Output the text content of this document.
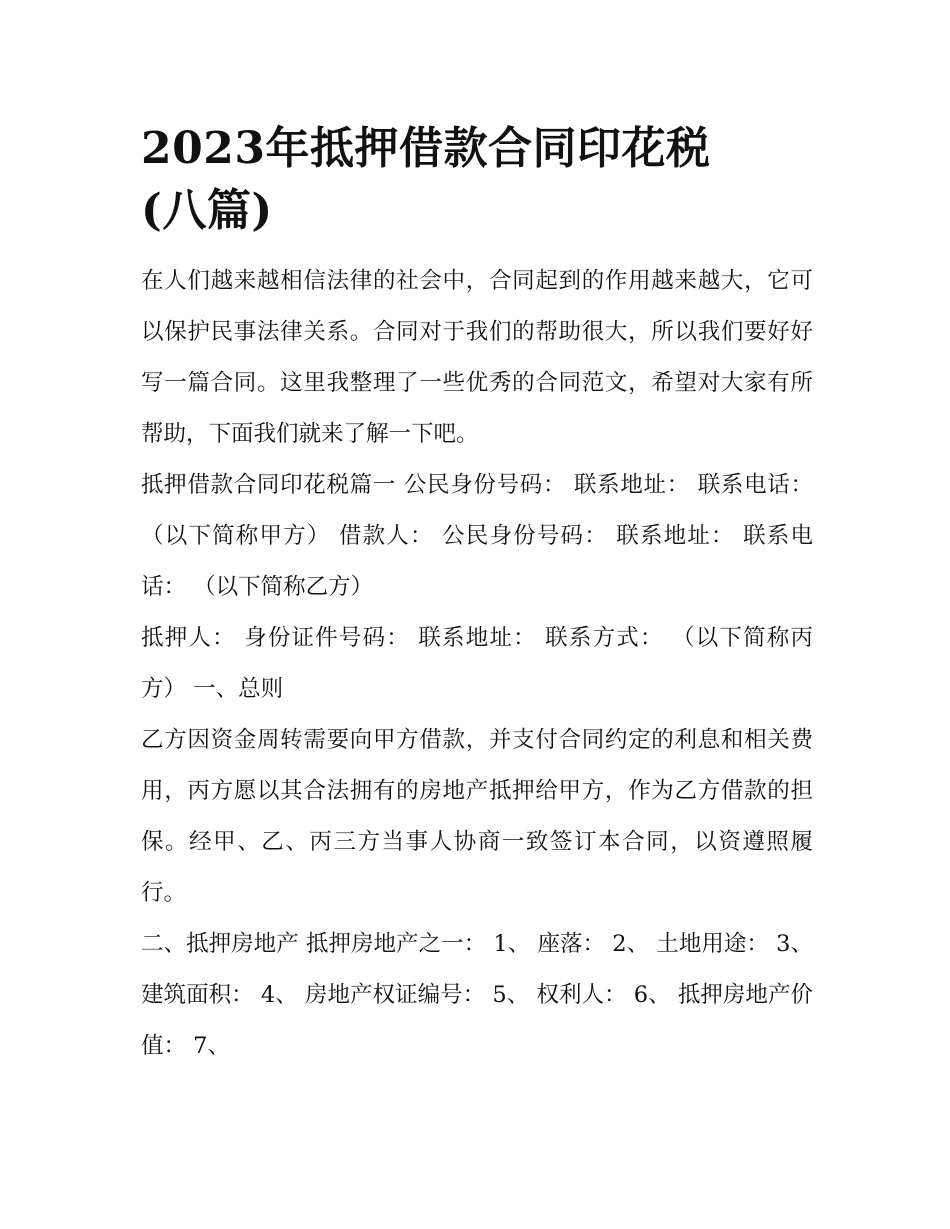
2023年抵押借款合同印花税
(八篇)

在人们越来越相信法律的社会中，合同起到的作用越来越大，它可以保护民事法律关系。合同对于我们的帮助很大，所以我们要好好写一篇合同。这里我整理了一些优秀的合同范文，希望对大家有所帮助，下面我们就来了解一下吧。

抵押借款合同印花税篇一 公民身份号码： 联系地址： 联系电话： （以下简称甲方） 借款人： 公民身份号码： 联系地址： 联系电话： （以下简称乙方）

抵押人： 身份证件号码： 联系地址： 联系方式： （以下简称丙方） 一、总则

乙方因资金周转需要向甲方借款，并支付合同约定的利息和相关费用，丙方愿以其合法拥有的房地产抵押给甲方，作为乙方借款的担保。经甲、乙、丙三方当事人协商一致签订本合同，以资遵照履行。

二、抵押房地产 抵押房地产之一： 1、 座落： 2、 土地用途： 3、 建筑面积： 4、 房地产权证编号： 5、 权利人： 6、 抵押房地产价值： 7、
